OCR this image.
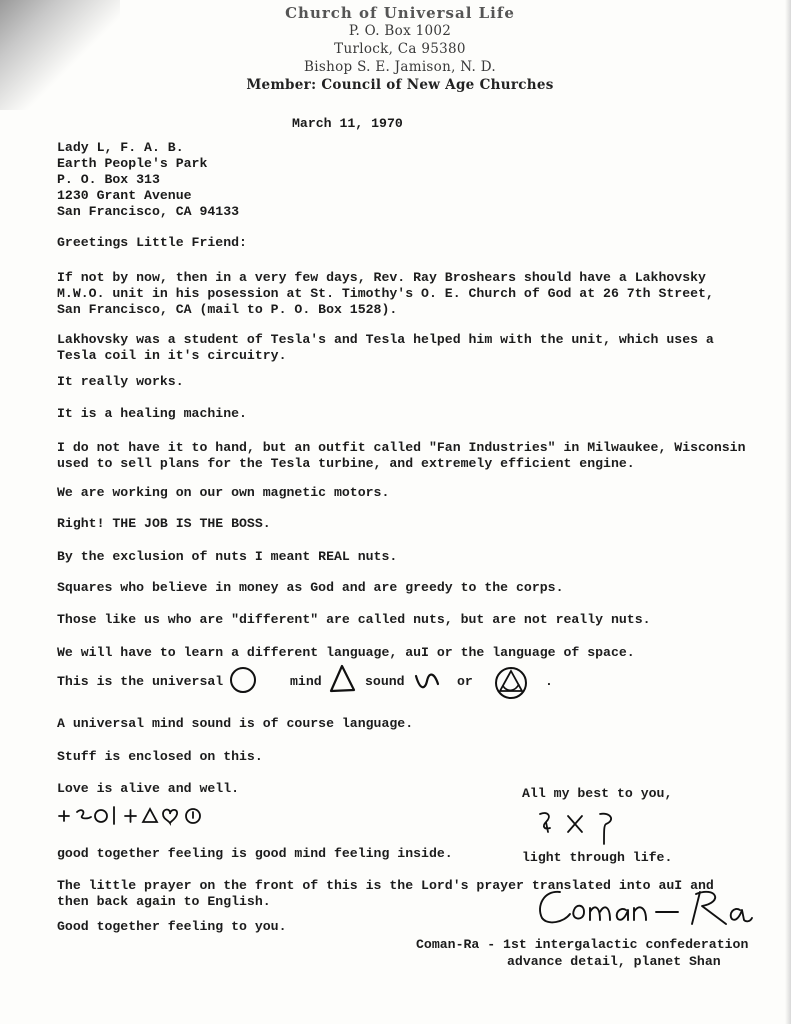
Church of Universal Life
P. O. Box 1002
Turlock, Ca 95380
Bishop S. E. Jamison, N. D.
Member: Council of New Age Churches
March 11, 1970
Lady L, F. A. B.
Earth People's Park
P. O. Box 313
1230 Grant Avenue
San Francisco, CA 94133
Greetings Little Friend:
If not by now, then in a very few days, Rev. Ray Broshears should have a Lakhovsky
M.W.O. unit in his posession at St. Timothy's O. E. Church of God at 26 7th Street,
San Francisco, CA (mail to P. O. Box 1528).
Lakhovsky was a student of Tesla's and Tesla helped him with the unit, which uses a
Tesla coil in it's circuitry.
It really works.
It is a healing machine.
I do not have it to hand, but an outfit called "Fan Industries" in Milwaukee, Wisconsin
used to sell plans for the Tesla turbine, and extremely efficient engine.
We are working on our own magnetic motors.
Right! THE JOB IS THE BOSS.
By the exclusion of nuts I meant REAL nuts.
Squares who believe in money as God and are greedy to the corps.
Those like us who are "different" are called nuts, but are not really nuts.
We will have to learn a different language, auI or the language of space.
This is the universal	mind	sound	or	.
A universal mind sound is of course language.
Stuff is enclosed on this.
Love is alive and well.
good together feeling is good mind feeling inside.
The little prayer on the front of this is the Lord's prayer translated into auI and
then back again to English.
Good together feeling to you.
All my best to you,
light through life.
Coman-Ra - 1st intergalactic confederation
advance detail, planet Shan
